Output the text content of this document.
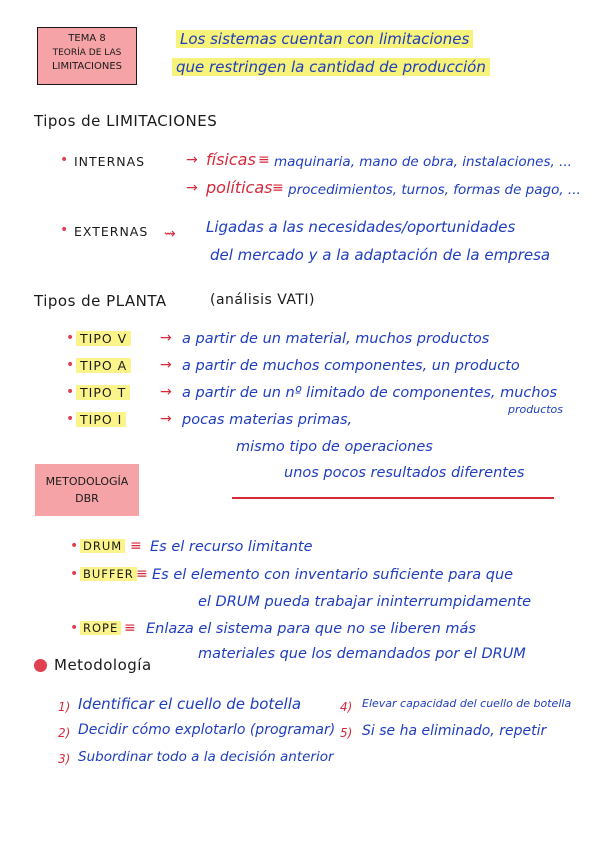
TEMA 8
TEORÍA DE LAS
LIMITACIONES
Los sistemas cuentan con limitaciones
que restringen la cantidad de producción
Tipos de LIMITACIONES
• INTERNAS	→ físicas ≡ maquinaria, mano de obra, instalaciones, ...
→ políticas ≡ procedimientos, turnos, formas de pago, ...
• EXTERNAS ⇝ Ligadas a las necesidades/oportunidades
del mercado y a la adaptación de la empresa
Tipos de PLANTA	(análisis VATI)
• TIPO V → a partir de un material, muchos productos
• TIPO A → a partir de muchos componentes, un producto
• TIPO T → a partir de un nº limitado de componentes, muchos
productos
• TIPO I	→ pocas materias primas,
mismo tipo de operaciones
unos pocos resultados diferentes
METODOLOGÍA
DBR
• DRUM ≡ Es el recurso limitante
• BUFFER ≡ Es el elemento con inventario suficiente para que
el DRUM pueda trabajar ininterrumpidamente
• ROPE ≡ Enlaza el sistema para que no se liberen más
materiales que los demandados por el DRUM
Metodología
1) Identificar el cuello de botella
2) Decidir cómo explotarlo (programar)
3) Subordinar todo a la decisión anterior
4) Elevar capacidad del cuello de botella
5) Si se ha eliminado, repetir
